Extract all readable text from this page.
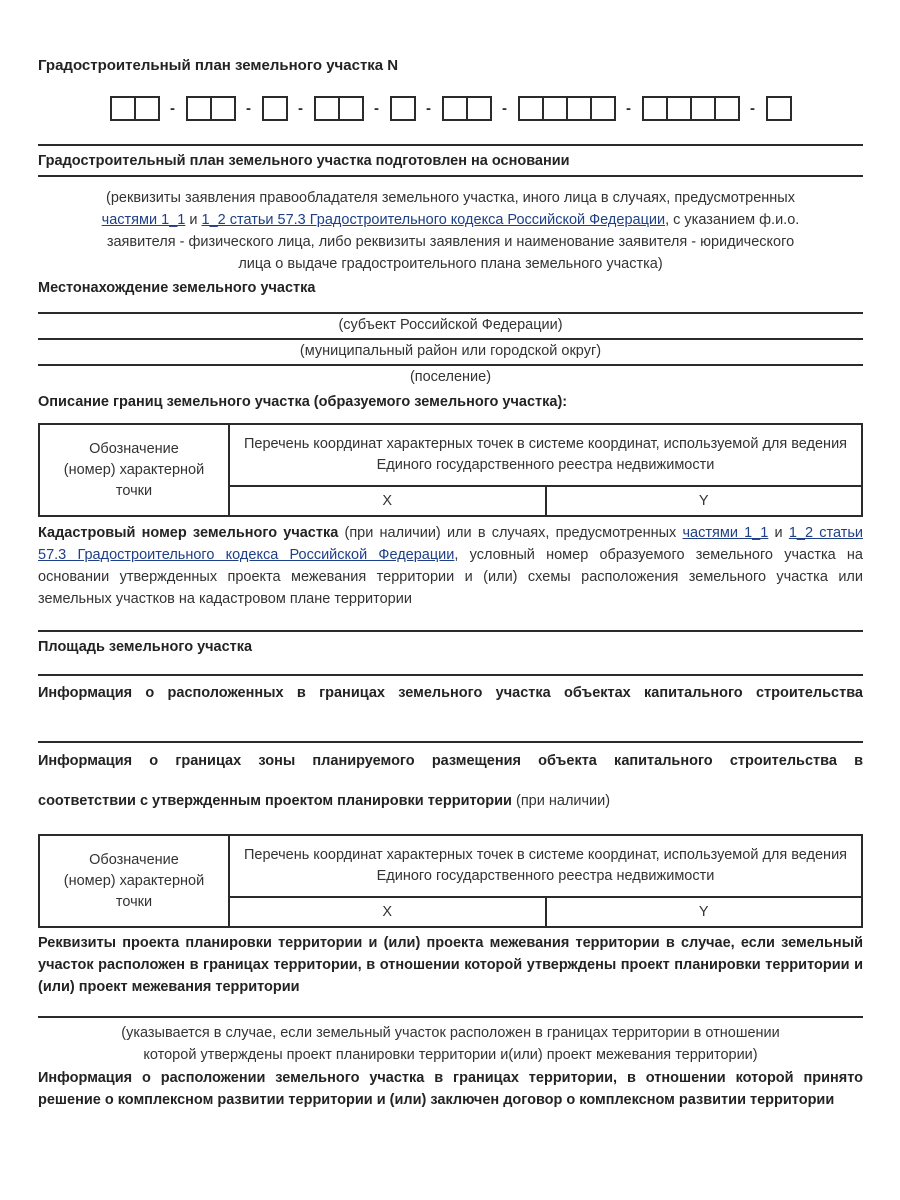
Градостроительный план земельного участка N
-	-	-	-	-	-	-	-
Градостроительный план земельного участка подготовлен на основании
(реквизиты заявления правообладателя земельного участка, иного лица в случаях, предусмотренных
частями 1_1 и 1_2 статьи 57.3 Градостроительного кодекса Российской Федерации, с указанием ф.и.о.
заявителя - физического лица, либо реквизиты заявления и наименование заявителя - юридического
лица о выдаче градостроительного плана земельного участка)
Местонахождение земельного участка
(субъект Российской Федерации)
(муниципальный район или городской округ)
(поселение)
Описание границ земельного участка (образуемого земельного участка):
Обозначение
(номер) характерной
точки	Перечень координат характерных точек в системе координат, используемой для ведения Единого государственного реестра недвижимости	
	X	Y
Кадастровый номер земельного участка (при наличии) или в случаях, предусмотренных частями 1_1 и 1_2 статьи 57.3 Градостроительного кодекса Российской Федерации, условный номер образуемого земельного участка на основании утвержденных проекта межевания территории и (или) схемы расположения земельного участка или земельных участков на кадастровом плане территории
Площадь земельного участка
Информация о расположенных в границах земельного участка объектах капитального строительства
Информация о границах зоны планируемого размещения объекта капитального строительства в
соответствии с утвержденным проектом планировки территории (при наличии)
Обозначение
(номер) характерной
точки	Перечень координат характерных точек в системе координат, используемой для ведения Единого государственного реестра недвижимости	
	X	Y
Реквизиты проекта планировки территории и (или) проекта межевания территории в случае, если земельный участок расположен в границах территории, в отношении которой утверждены проект планировки территории и (или) проект межевания территории
(указывается в случае, если земельный участок расположен в границах территории в отношении
которой утверждены проект планировки территории и(или) проект межевания территории)
Информация о расположении земельного участка в границах территории, в отношении которой принято решение о комплексном развитии территории и (или) заключен договор о комплексном развитии территории
